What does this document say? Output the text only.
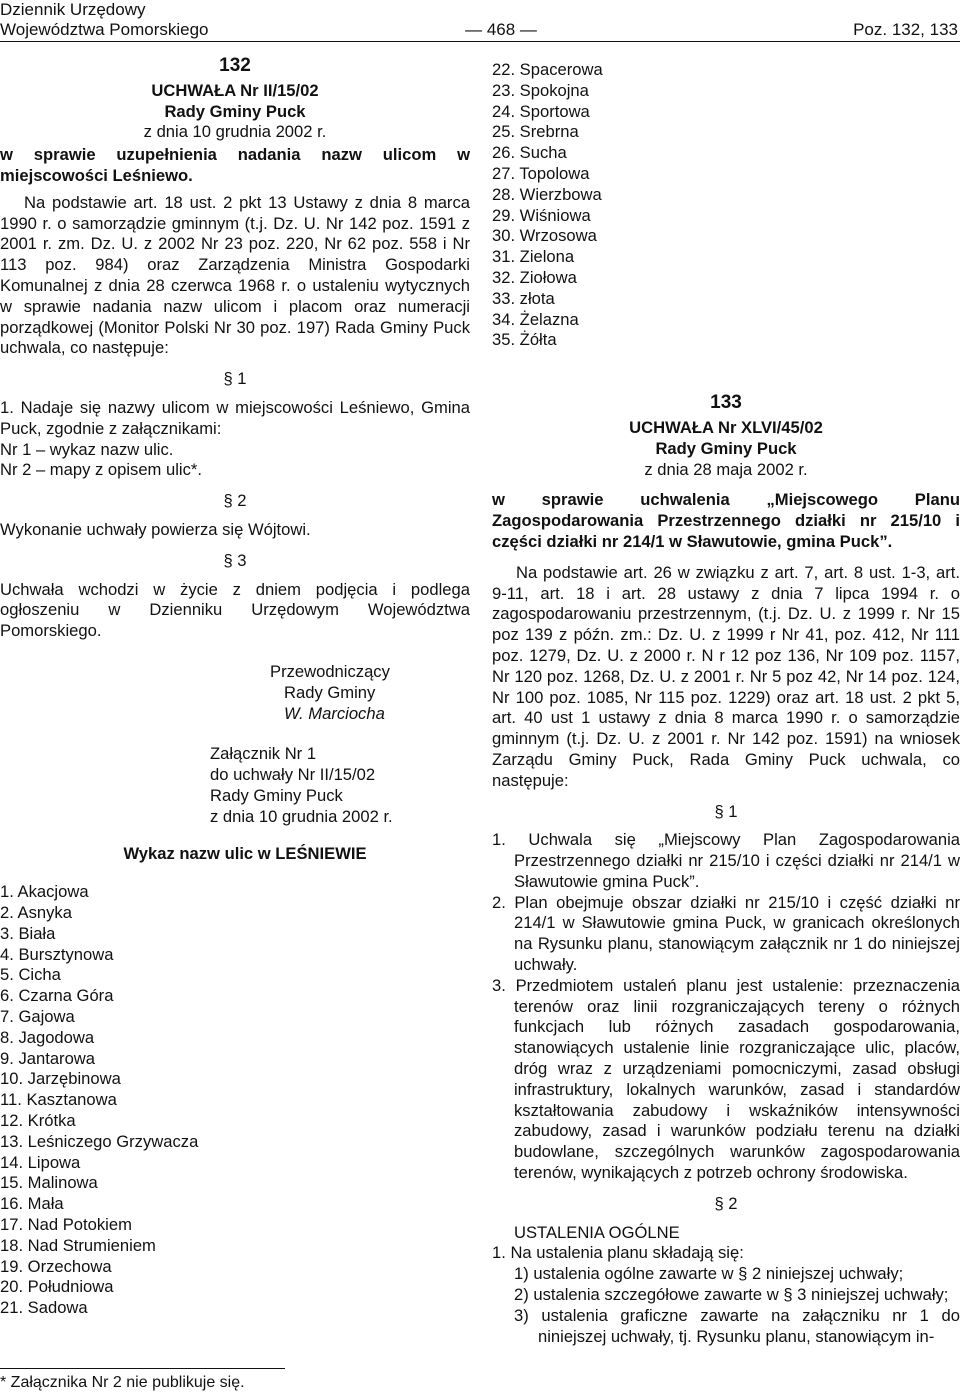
Dziennik Urzędowy
Województwa Pomorskiego	— 468 —	Poz. 132, 133
132

UCHWAŁA Nr II/15/02

Rady Gminy Puck

z dnia 10 grudnia 2002 r.

w sprawie uzupełnienia nadania nazw ulicom w miejscowości Leśniewo.

Na podstawie art. 18 ust. 2 pkt 13 Ustawy z dnia 8 marca 1990 r. o samorządzie gminnym (t.j. Dz. U. Nr 142 poz. 1591 z 2001 r. zm. Dz. U. z 2002 Nr 23 poz. 220, Nr 62 poz. 558 i Nr 113 poz. 984) oraz Zarządzenia Ministra Gospodarki Komunalnej z dnia 28 czerwca 1968 r. o ustaleniu wytycznych w sprawie nadania nazw ulicom i placom oraz numeracji porządkowej (Monitor Polski Nr 30 poz. 197) Rada Gminy Puck uchwala, co następuje:

§ 1

1. Nadaje się nazwy ulicom w miejscowości Leśniewo, Gmina Puck, zgodnie z załącznikami:

Nr 1 – wykaz nazw ulic.

Nr 2 – mapy z opisem ulic*.

§ 2

Wykonanie uchwały powierza się Wójtowi.

§ 3

Uchwała wchodzi w życie z dniem podjęcia i podlega ogłoszeniu w Dzienniku Urzędowym Województwa Pomorskiego.

Przewodniczący

Rady Gminy

W. Marciocha

Załącznik Nr 1

do uchwały Nr II/15/02

Rady Gminy Puck

z dnia 10 grudnia 2002 r.

Wykaz nazw ulic w LEŚNIEWIE

1. Akacjowa
2. Asnyka
3. Biała
4. Bursztynowa
5. Cicha
6. Czarna Góra
7. Gajowa
8. Jagodowa
9. Jantarowa
10. Jarzębinowa
11. Kasztanowa
12. Krótka
13. Leśniczego Grzywacza
14. Lipowa
15. Malinowa
16. Mała
17. Nad Potokiem
18. Nad Strumieniem
19. Orzechowa
20. Południowa
21. Sadowa
* Załącznika Nr 2 nie publikuje się.
22. Spacerowa
23. Spokojna
24. Sportowa
25. Srebrna
26. Sucha
27. Topolowa
28. Wierzbowa
29. Wiśniowa
30. Wrzosowa
31. Zielona
32. Ziołowa
33. złota
34. Żelazna
35. Żółta
133

UCHWAŁA Nr XLVI/45/02

Rady Gminy Puck

z dnia 28 maja 2002 r.

w sprawie uchwalenia „Miejscowego Planu Zagospodarowania Przestrzennego działki nr 215/10 i części działki nr 214/1 w Sławutowie, gmina Puck”.

Na podstawie art. 26 w związku z art. 7, art. 8 ust. 1-3, art. 9-11, art. 18 i art. 28 ustawy z dnia 7 lipca 1994 r. o zagospodarowaniu przestrzennym, (t.j. Dz. U. z 1999 r. Nr 15 poz 139 z późn. zm.: Dz. U. z 1999 r Nr 41, poz. 412, Nr 111 poz. 1279, Dz. U. z 2000 r. N r 12 poz 136, Nr 109 poz. 1157, Nr 120 poz. 1268, Dz. U. z 2001 r. Nr 5 poz 42, Nr 14 poz. 124, Nr 100 poz. 1085, Nr 115 poz. 1229) oraz art. 18 ust. 2 pkt 5, art. 40 ust 1 ustawy z dnia 8 marca 1990 r. o samorządzie gminnym (t.j. Dz. U. z 2001 r. Nr 142 poz. 1591) na wniosek Zarządu Gminy Puck, Rada Gminy Puck uchwala, co następuje:

§ 1
1. Uchwala się „Miejscowy Plan Zagospodarowania Przestrzennego działki nr 215/10 i części działki nr 214/1 w Sławutowie gmina Puck”.
2. Plan obejmuje obszar działki nr 215/10 i część działki nr 214/1 w Sławutowie gmina Puck, w granicach określonych na Rysunku planu, stanowiącym załącznik nr 1 do niniejszej uchwały.
3. Przedmiotem ustaleń planu jest ustalenie: przeznaczenia terenów oraz linii rozgraniczających tereny o różnych funkcjach lub różnych zasadach gospodarowania, stanowiących ustalenie linie rozgraniczające ulic, placów, dróg wraz z urządzeniami pomocniczymi, zasad obsługi infrastruktury, lokalnych warunków, zasad i standardów kształtowania zabudowy i wskaźników intensywności zabudowy, zasad i warunków podziału terenu na działki budowlane, szczególnych warunków zagospodarowania terenów, wynikających z potrzeb ochrony środowiska.
§ 2

USTALENIA OGÓLNE

1. Na ustalenia planu składają się:

1) ustalenia ogólne zawarte w § 2 niniejszej uchwały;
2) ustalenia szczegółowe zawarte w § 3 niniejszej uchwały;
3) ustalenia graficzne zawarte na załączniku nr 1 do niniejszej uchwały, tj. Rysunku planu, stanowiącym in-
